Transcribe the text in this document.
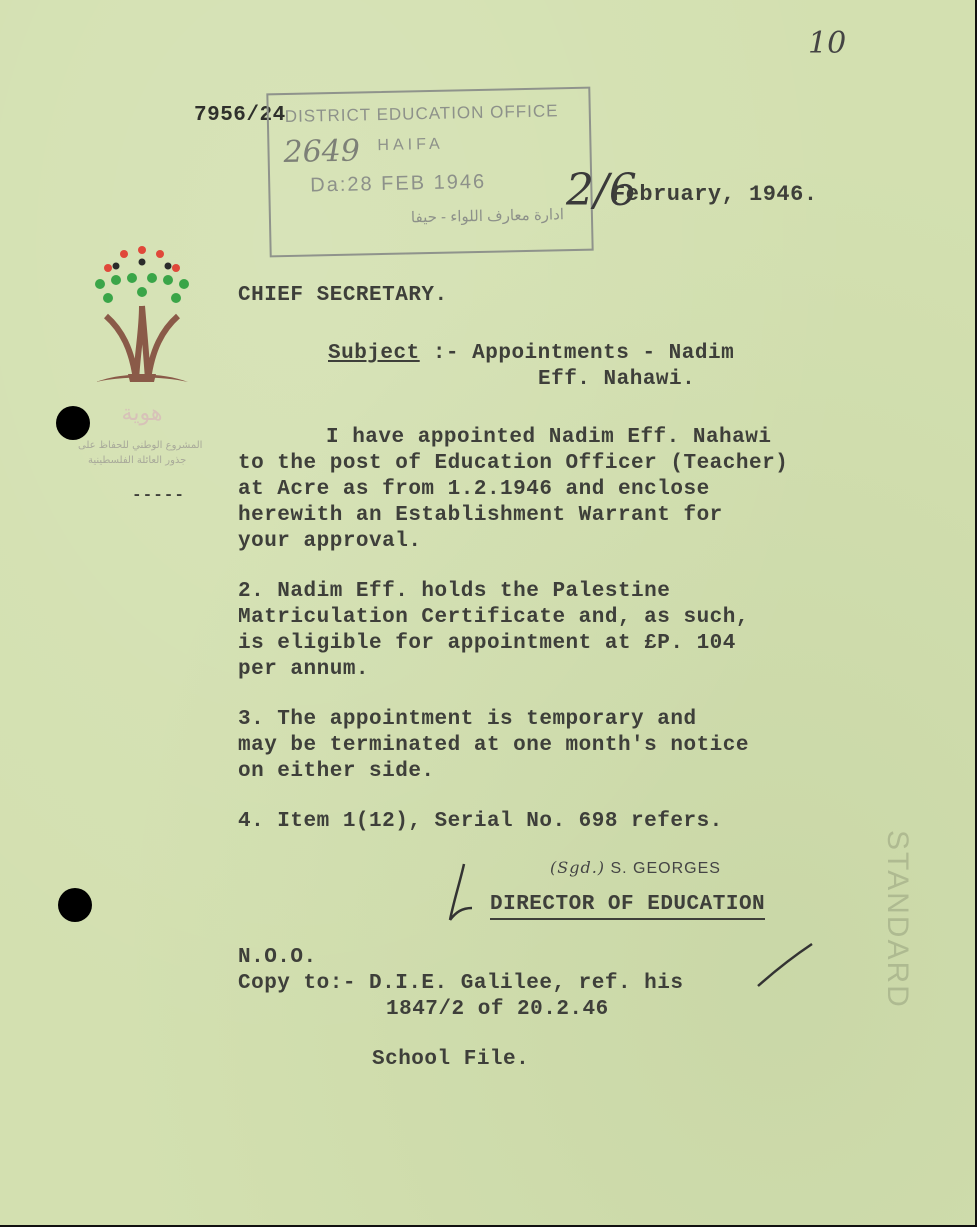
10
7956/24
DISTRICT EDUCATION OFFICE
2649 HAIFA
Da:28 FEB 1946
ادارة معارف اللواء - حيفا
2/6
February, 1946.
هوية
المشروع الوطني للحفاظ على
جذور العائلة الفلسطينية
-----
CHIEF SECRETARY.
Subject :- Appointments - Nadim
Eff. Nahawi.
I have appointed Nadim Eff. Nahawi
to the post of Education Officer (Teacher)
at Acre as from 1.2.1946 and enclose
herewith an Establishment Warrant for
your approval.
2. Nadim Eff. holds the Palestine
Matriculation Certificate and, as such,
is eligible for appointment at £P. 104
per annum.
3. The appointment is temporary and
may be terminated at one month's notice
on either side.
4. Item 1(12), Serial No. 698 refers.
(Sgd.) S. GEORGES
DIRECTOR OF EDUCATION
N.O.O.
Copy to:- D.I.E. Galilee, ref. his
1847/2 of 20.2.46
School File.
STANDARD
